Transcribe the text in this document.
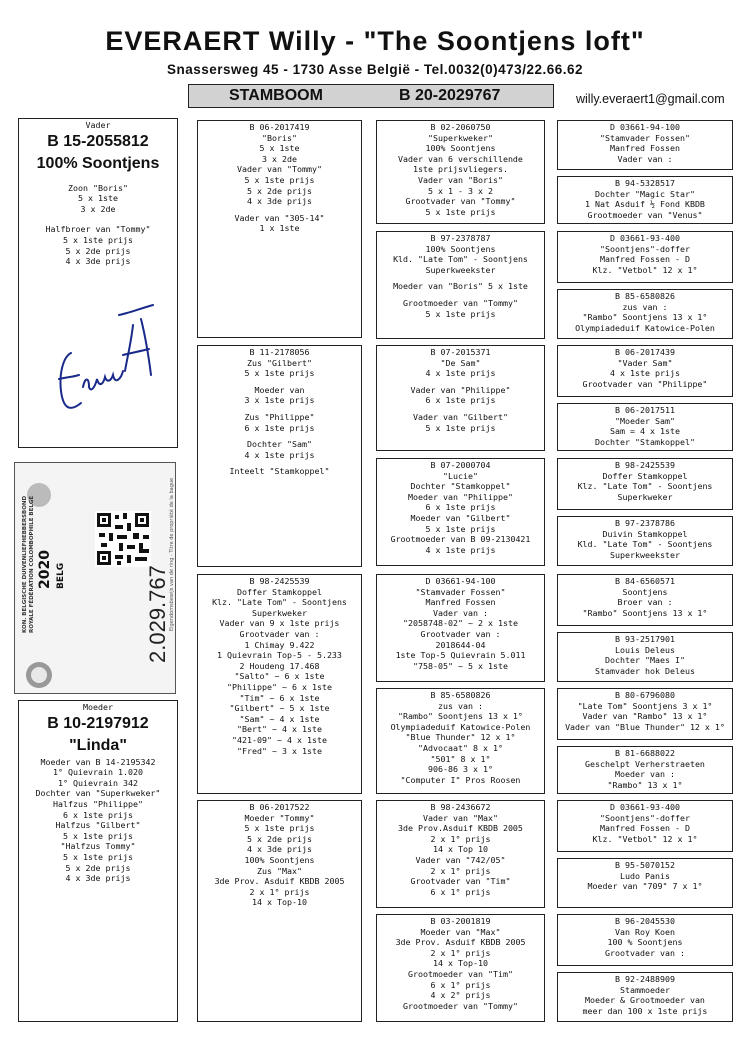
EVERAERT Willy - "The Soontjens loft"
Snassersweg 45 - 1730 Asse België - Tel.0032(0)473/22.66.62
STAMBOOM	B 20-2029767	willy.everaert1@gmail.com
Vader
B 15-2055812
100% Soontjens
Zoon "Boris"
5 x 1ste
3 x 2de
Halfbroer van "Tommy"
5 x 1ste prijs
5 x 2de prijs
4 x 3de prijs
KON. BELGISCHE DUIVENLIEFHEBBERSBOND ROYALE FÉDÉRATION COLOMBOPHILE BELGE 2020 BELG	2.029.767 Eigendomsbewijs van de ring - Titre de propriété de la bague
Moeder
B 10-2197912
"Linda"
Moeder van B 14-2195342
1° Quievrain 1.020
1° Quievrain 342
Dochter van "Superkweker"
Halfzus "Philippe"
6 x 1ste prijs
Halfzus "Gilbert"
5 x 1ste prijs
"Halfzus Tommy"
5 x 1ste prijs
5 x 2de prijs
4 x 3de prijs
B 06-2017419
"Boris"
5 x 1ste
3 x 2de
Vader van "Tommy"
5 x 1ste prijs
5 x 2de prijs
4 x 3de prijs
Vader van "305-14"
1 x 1ste
B 11-2178056
Zus "Gilbert"
5 x 1ste prijs
Moeder van
3 x 1ste prijs
Zus "Philippe"
6 x 1ste prijs
Dochter "Sam"
4 x 1ste prijs
Inteelt "Stamkoppel"
B 98-2425539
Doffer Stamkoppel
Klz. "Late Tom" - Soontjens
Superkweker
Vader van 9 x 1ste prijs
Grootvader van :
1 Chimay 9.422
1 Quievrain Top-5 - 5.233
2 Houdeng 17.468
"Salto" ~ 6 x 1ste
"Philippe" ~ 6 x 1ste
"Tim" ~ 6 x 1ste
"Gilbert" ~ 5 x 1ste
"Sam" ~ 4 x 1ste
"Bert" ~ 4 x 1ste
"421-09" ~ 4 x 1ste
"Fred" ~ 3 x 1ste
B 06-2017522
Moeder "Tommy"
5 x 1ste prijs
5 x 2de prijs
4 x 3de prijs
100% Soontjens
Zus "Max"
3de Prov. Asduif KBDB 2005
2 x 1° prijs
14 x Top-10
B 02-2060750
"Superkweker"
100% Soontjens
Vader van 6 verschillende
1ste prijsvliegers.
Vader van "Boris"
5 x 1 - 3 x 2
Grootvader van "Tommy"
5 x 1ste prijs
B 97-2378787
100% Soontjens
Kld. "Late Tom" - Soontjens
Superkweekster
Moeder van "Boris" 5 x 1ste
Grootmoeder van "Tommy"
5 x 1ste prijs
B 07-2015371
"De Sam"
4 x 1ste prijs
Vader van "Philippe"
6 x 1ste prijs
Vader van "Gilbert"
5 x 1ste prijs
B 07-2000704
"Lucie"
Dochter "Stamkoppel"
Moeder van "Philippe"
6 x 1ste prijs
Moeder van "Gilbert"
5 x 1ste prijs
Grootmoeder van B 09-2130421
4 x 1ste prijs
D 03661-94-100
"Stamvader Fossen"
Manfred Fossen
Vader van :
"2058748-02" ~ 2 x 1ste
Grootvader van :
2018644-04
1ste Top-5 Quievrain 5.011
"758-05" ~ 5 x 1ste
B 85-6580826
zus van :
"Rambo" Soontjens 13 x 1°
Olympiadeduif Katowice-Polen
"Blue Thunder" 12 x 1°
"Advocaat" 8 x 1°
"501" 8 x 1°
906-86 3 x 1°
"Computer I" Pros Roosen
B 98-2436672
Vader van "Max"
3de Prov.Asduif KBDB 2005
2 x 1° prijs
14 x Top 10
Vader van "742/05"
2 x 1° prijs
Grootvader van "Tim"
6 x 1° prijs
B 03-2001819
Moeder van "Max"
3de Prov. Asduif KBDB 2005
2 x 1° prijs
14 x Top-10
Grootmoeder van "Tim"
6 x 1° prijs
4 x 2° prijs
Grootmoeder van "Tommy"
D 03661-94-100
"Stamvader Fossen"
Manfred Fossen
Vader van :
B 94-5328517
Dochter "Magic Star"
1 Nat Asduif ½ Fond KBDB
Grootmoeder van "Venus"
D 03661-93-400
"Soontjens"-doffer
Manfred Fossen - D
Klz. "Vetbol" 12 x 1°
B 85-6580826
zus van :
"Rambo" Soontjens 13 x 1°
Olympiadeduif Katowice-Polen
B 06-2017439
"Vader Sam"
4 x 1ste prijs
Grootvader van "Philippe"
B 06-2017511
"Moeder Sam"
Sam = 4 x 1ste
Dochter "Stamkoppel"
B 98-2425539
Doffer Stamkoppel
Klz. "Late Tom" - Soontjens
Superkweker
B 97-2378786
Duivin Stamkoppel
Kld. "Late Tom" - Soontjens
Superkweekster
B 84-6560571
Soontjens
Broer van :
"Rambo" Soontjens 13 x 1°
B 93-2517901
Louis Deleus
Dochter "Maes I"
Stamvader hok Deleus
B 80-6796080
"Late Tom" Soontjens 3 x 1°
Vader van "Rambo" 13 x 1°
Vader van "Blue Thunder" 12 x 1°
B 81-6688022
Geschelpt Verherstraeten
Moeder van :
"Rambo" 13 x 1°
D 03661-93-400
"Soontjens"-doffer
Manfred Fossen - D
Klz. "Vetbol" 12 x 1°
B 95-5070152
Ludo Panis
Moeder van "709" 7 x 1°
B 96-2045530
Van Roy Koen
100 % Soontjens
Grootvader van :
B 92-2488909
Stammoeder
Moeder & Grootmoeder van
meer dan 100 x 1ste prijs
